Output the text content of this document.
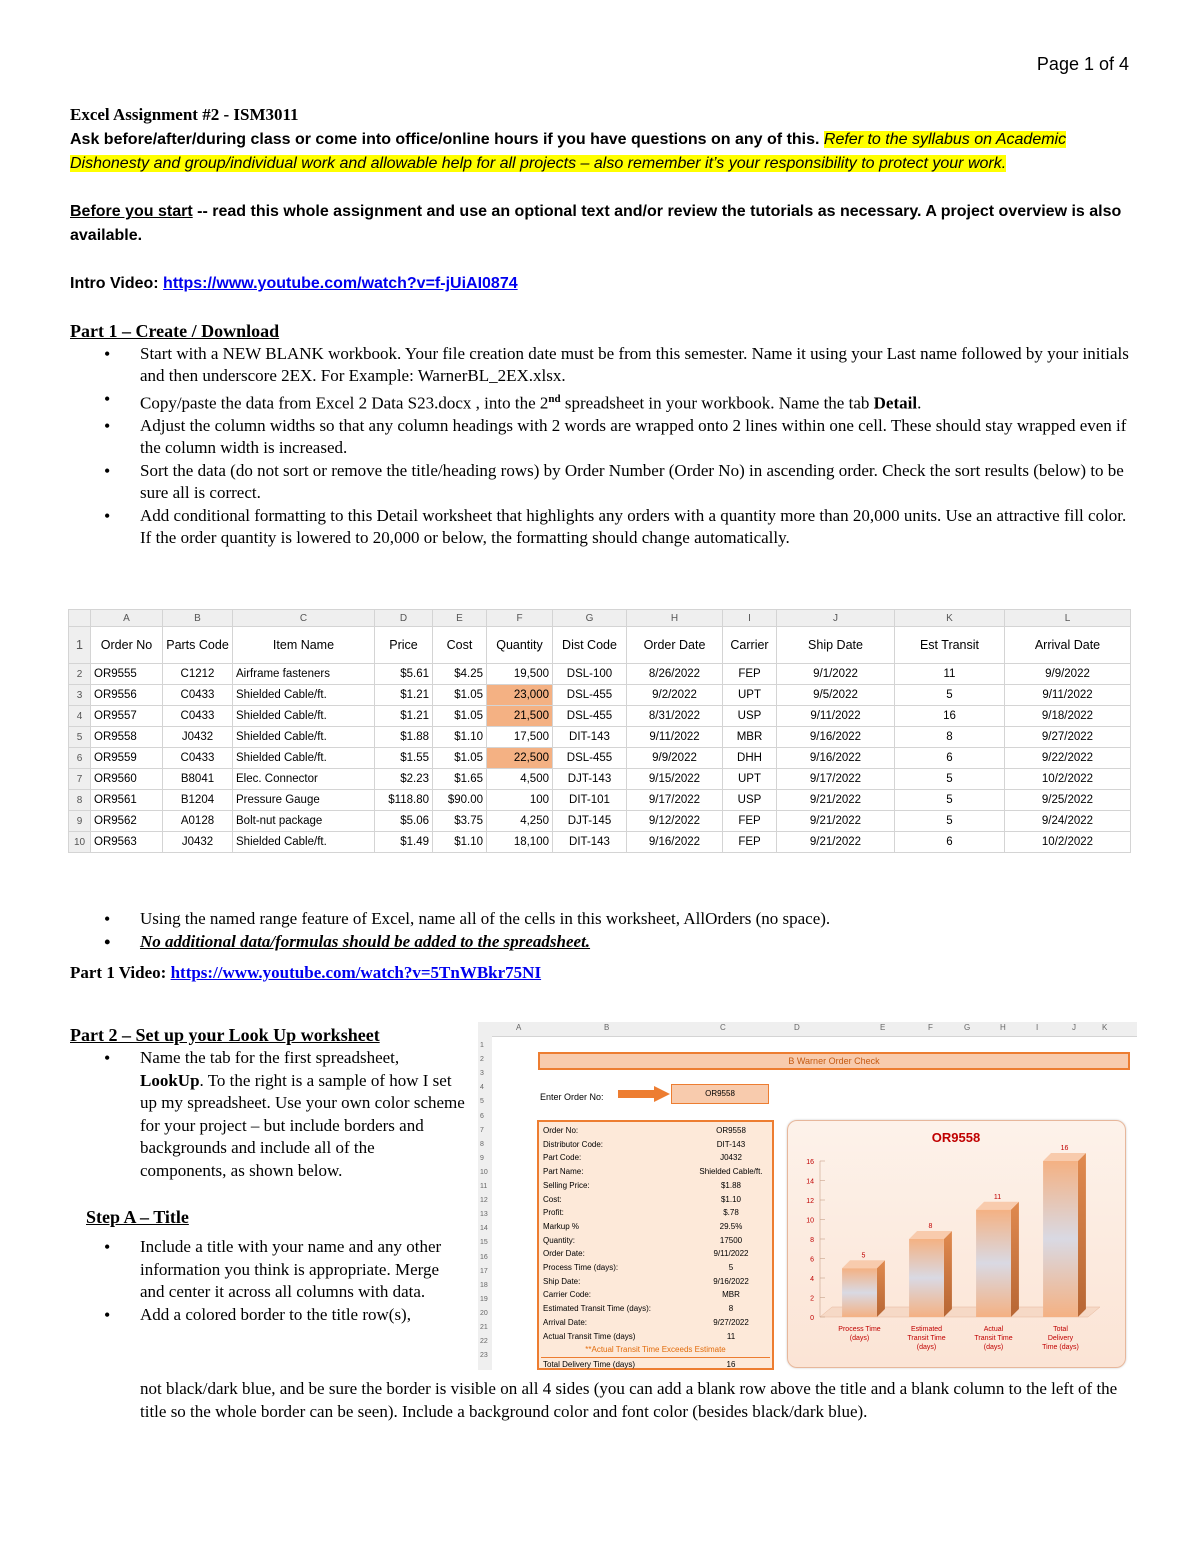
Page 1 of 4
Excel Assignment #2 - ISM3011
Ask before/after/during class or come into office/online hours if you have questions on any of this. Refer to the syllabus on Academic Dishonesty and group/individual work and allowable help for all projects – also remember it’s your responsibility to protect your work.
Before you start -- read this whole assignment and use an optional text and/or review the tutorials as necessary. A project overview is also available.
Intro Video: https://www.youtube.com/watch?v=f-jUiAI0874
Part 1 – Create / Download
• Start with a NEW BLANK workbook. Your file creation date must be from this semester. Name it using your Last name followed by your initials and then underscore 2EX. For Example: WarnerBL_2EX.xlsx.
• Copy/paste the data from Excel 2 Data S23.docx , into the 2nd spreadsheet in your workbook. Name the tab Detail.
• Adjust the column widths so that any column headings with 2 words are wrapped onto 2 lines within one cell. These should stay wrapped even if the column width is increased.
• Sort the data (do not sort or remove the title/heading rows) by Order Number (Order No) in ascending order. Check the sort results (below) to be sure all is correct.
• Add conditional formatting to this Detail worksheet that highlights any orders with a quantity more than 20,000 units. Use an attractive fill color. If the order quantity is lowered to 20,000 or below, the formatting should change automatically.
	A	B	C	D	E	F	G	H	I	J	K	L
1	Order No	Parts Code	Item Name	Price	Cost	Quantity	Dist Code	Order Date	Carrier	Ship Date	Est Transit	Arrival Date
2	OR9555	C1212	Airframe fasteners	$5.61	$4.25	19,500	DSL-100	8/26/2022	FEP	9/1/2022	11	9/9/2022
3	OR9556	C0433	Shielded Cable/ft.	$1.21	$1.05	23,000	DSL-455	9/2/2022	UPT	9/5/2022	5	9/11/2022
4	OR9557	C0433	Shielded Cable/ft.	$1.21	$1.05	21,500	DSL-455	8/31/2022	USP	9/11/2022	16	9/18/2022
5	OR9558	J0432	Shielded Cable/ft.	$1.88	$1.10	17,500	DIT-143	9/11/2022	MBR	9/16/2022	8	9/27/2022
6	OR9559	C0433	Shielded Cable/ft.	$1.55	$1.05	22,500	DSL-455	9/9/2022	DHH	9/16/2022	6	9/22/2022
7	OR9560	B8041	Elec. Connector	$2.23	$1.65	4,500	DJT-143	9/15/2022	UPT	9/17/2022	5	10/2/2022
8	OR9561	B1204	Pressure Gauge	$118.80	$90.00	100	DIT-101	9/17/2022	USP	9/21/2022	5	9/25/2022
9	OR9562	A0128	Bolt-nut package	$5.06	$3.75	4,250	DJT-145	9/12/2022	FEP	9/21/2022	5	9/24/2022
10	OR9563	J0432	Shielded Cable/ft.	$1.49	$1.10	18,100	DIT-143	9/16/2022	FEP	9/21/2022	6	10/2/2022
• Using the named range feature of Excel, name all of the cells in this worksheet, AllOrders (no space).
• No additional data/formulas should be added to the spreadsheet.
Part 1 Video: https://www.youtube.com/watch?v=5TnWBkr75NI
Part 2 – Set up your Look Up worksheet
• Name the tab for the first spreadsheet, LookUp. To the right is a sample of how I set up my spreadsheet. Use your own color scheme for your project – but include borders and backgrounds and include all of the components, as shown below.
Step A – Title
• Include a title with your name and any other information you think is appropriate. Merge and center it across all columns with data.
• Add a colored border to the title row(s),
not black/dark blue, and be sure the border is visible on all 4 sides (you can add a blank row above the title and a blank column to the left of the title so the whole border can be seen). Include a background color and font color (besides black/dark blue).
A	B	C	D	E	F	G	H	I	J	K
1
2
3
4
5
6
7
8
9
10
11
12
13
14
15
16
17
18
19
20
21
22
23
B Warner Order Check
Enter Order No:	OR9558
Order No:	OR9558
Distributor Code:	DIT-143
Part Code:	J0432
Part Name:	Shielded Cable/ft.
Selling Price:	$1.88
Cost:	$1.10
Profit:	$.78
Markup %	29.5%
Quantity:	17500
Order Date:	9/11/2022
Process Time (days):	5
Ship Date:	9/16/2022
Carrier Code:	MBR
Estimated Transit Time (days):	8
Arrival Date:	9/27/2022
Actual Transit Time (days)	11
**Actual Transit Time Exceeds Estimate
Total Delivery Time (days)	16
OR9558
0
2
4
6
8
10
12
14
16
5
Process Time
(days)
8
Estimated
Transit Time
(days)
11
Actual
Transit Time
(days)
16
Total
Delivery
Time (days)
